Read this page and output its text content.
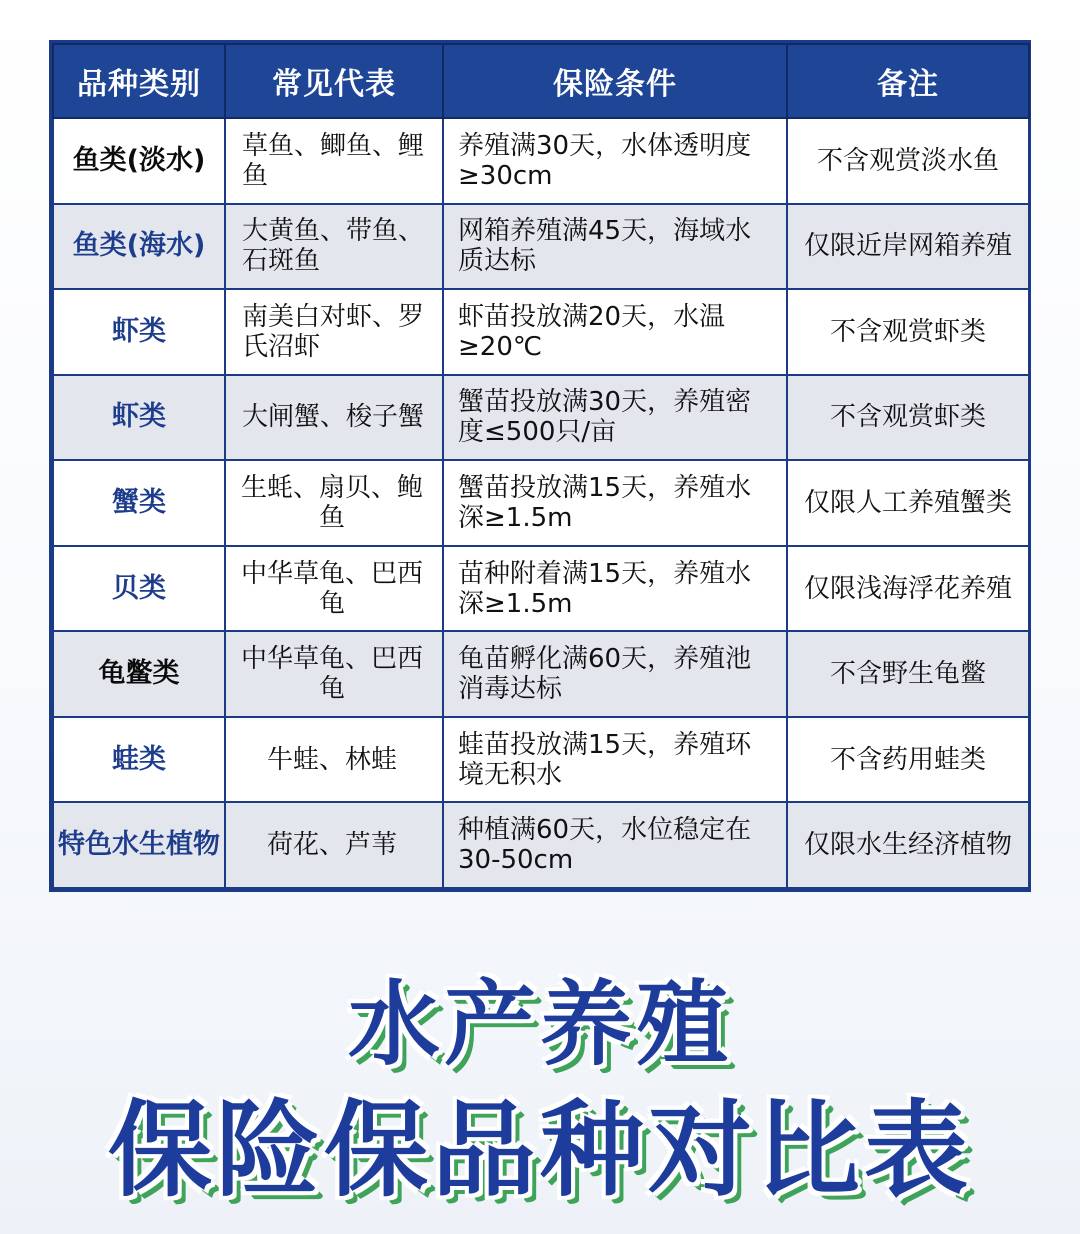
品种类别	常见代表	保险条件	备注
鱼类(淡水)	草鱼、鲫鱼、鲤鱼	养殖满30天，水体透明度≥30cm	不含观赏淡水鱼
鱼类(海水)	大黄鱼、带鱼、石斑鱼	网箱养殖满45天，海域水质达标	仅限近岸网箱养殖
虾类	南美白对虾、罗氏沼虾	虾苗投放满20天，水温≥20℃	不含观赏虾类
虾类	大闸蟹、梭子蟹	蟹苗投放满30天，养殖密度≤500只/亩	不含观赏虾类
蟹类	生蚝、扇贝、鲍鱼	蟹苗投放满15天，养殖水深≥1.5m	仅限人工养殖蟹类
贝类	中华草龟、巴西龟	苗种附着满15天，养殖水深≥1.5m	仅限浅海浮花养殖
龟鳖类	中华草龟、巴西龟	龟苗孵化满60天，养殖池消毒达标	不含野生龟鳖
蛙类	牛蛙、林蛙	蛙苗投放满15天，养殖环境无积水	不含药用蛙类
特色水生植物	荷花、芦苇	种植满60天，水位稳定在30-50cm	仅限水生经济植物
水产养殖
保险保品种对比表
